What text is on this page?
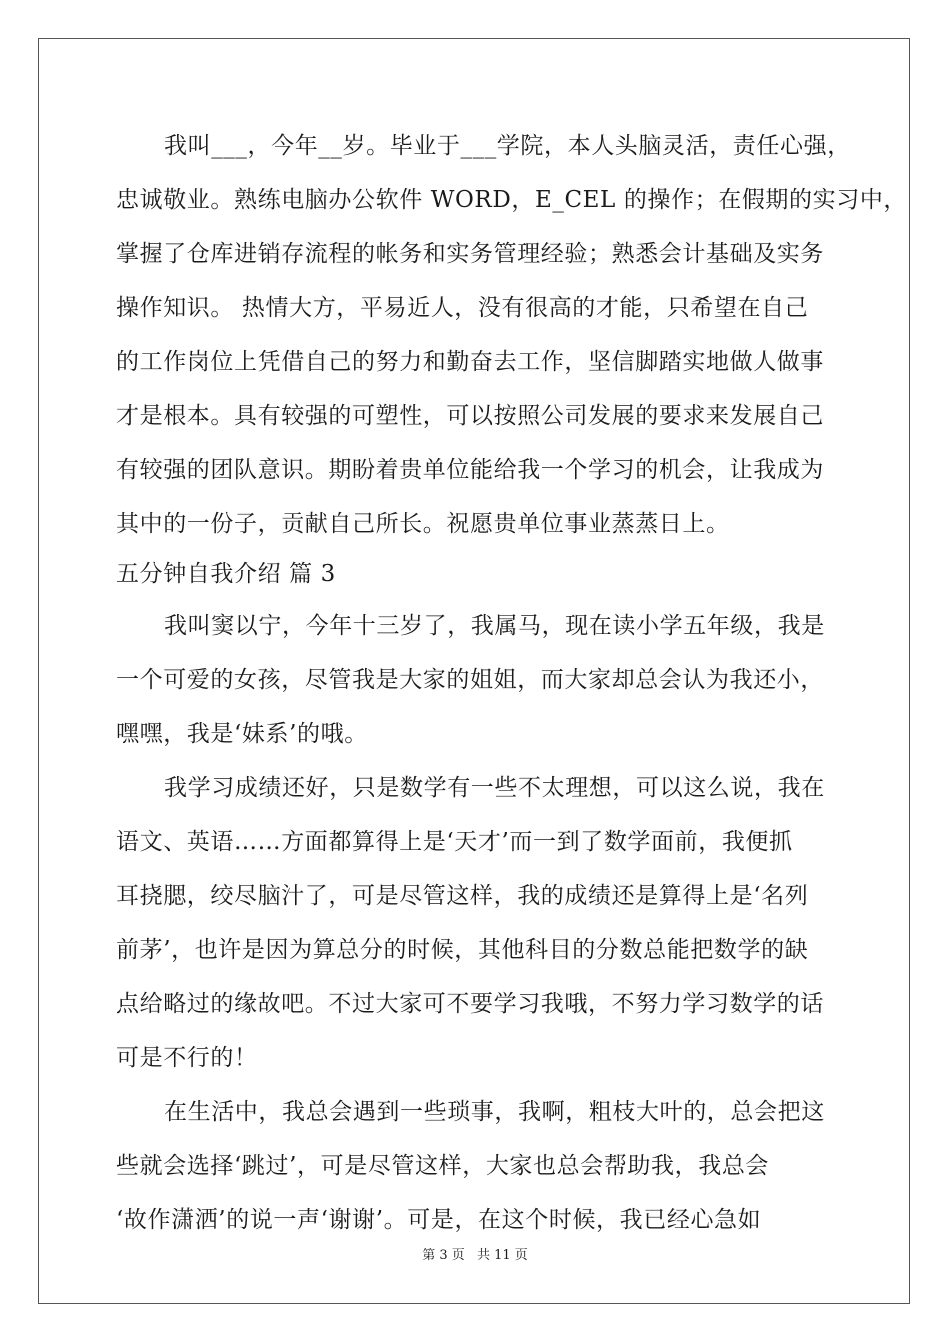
我叫___，今年__岁。毕业于___学院，本人头脑灵活，责任心强，
忠诚敬业。熟练电脑办公软件 WORD，E_CEL 的操作；在假期的实习中，
掌握了仓库进销存流程的帐务和实务管理经验；熟悉会计基础及实务
操作知识。 热情大方，平易近人，没有很高的才能，只希望在自己
的工作岗位上凭借自己的努力和勤奋去工作，坚信脚踏实地做人做事
才是根本。具有较强的可塑性，可以按照公司发展的要求来发展自己
有较强的团队意识。期盼着贵单位能给我一个学习的机会，让我成为
其中的一份子，贡献自己所长。祝愿贵单位事业蒸蒸日上。
五分钟自我介绍 篇 3
我叫窦以宁，今年十三岁了，我属马，现在读小学五年级，我是
一个可爱的女孩，尽管我是大家的姐姐，而大家却总会认为我还小，
嘿嘿，我是‘妹系’的哦。
我学习成绩还好，只是数学有一些不太理想，可以这么说，我在
语文、英语……方面都算得上是‘天才’而一到了数学面前，我便抓
耳挠腮，绞尽脑汁了，可是尽管这样，我的成绩还是算得上是‘名列
前茅’，也许是因为算总分的时候，其他科目的分数总能把数学的缺
点给略过的缘故吧。不过大家可不要学习我哦，不努力学习数学的话
可是不行的！
在生活中，我总会遇到一些琐事，我啊，粗枝大叶的，总会把这
些就会选择‘跳过’，可是尽管这样，大家也总会帮助我，我总会
‘故作潇洒’的说一声‘谢谢’。可是，在这个时候，我已经心急如
第 3 页 共 11 页
